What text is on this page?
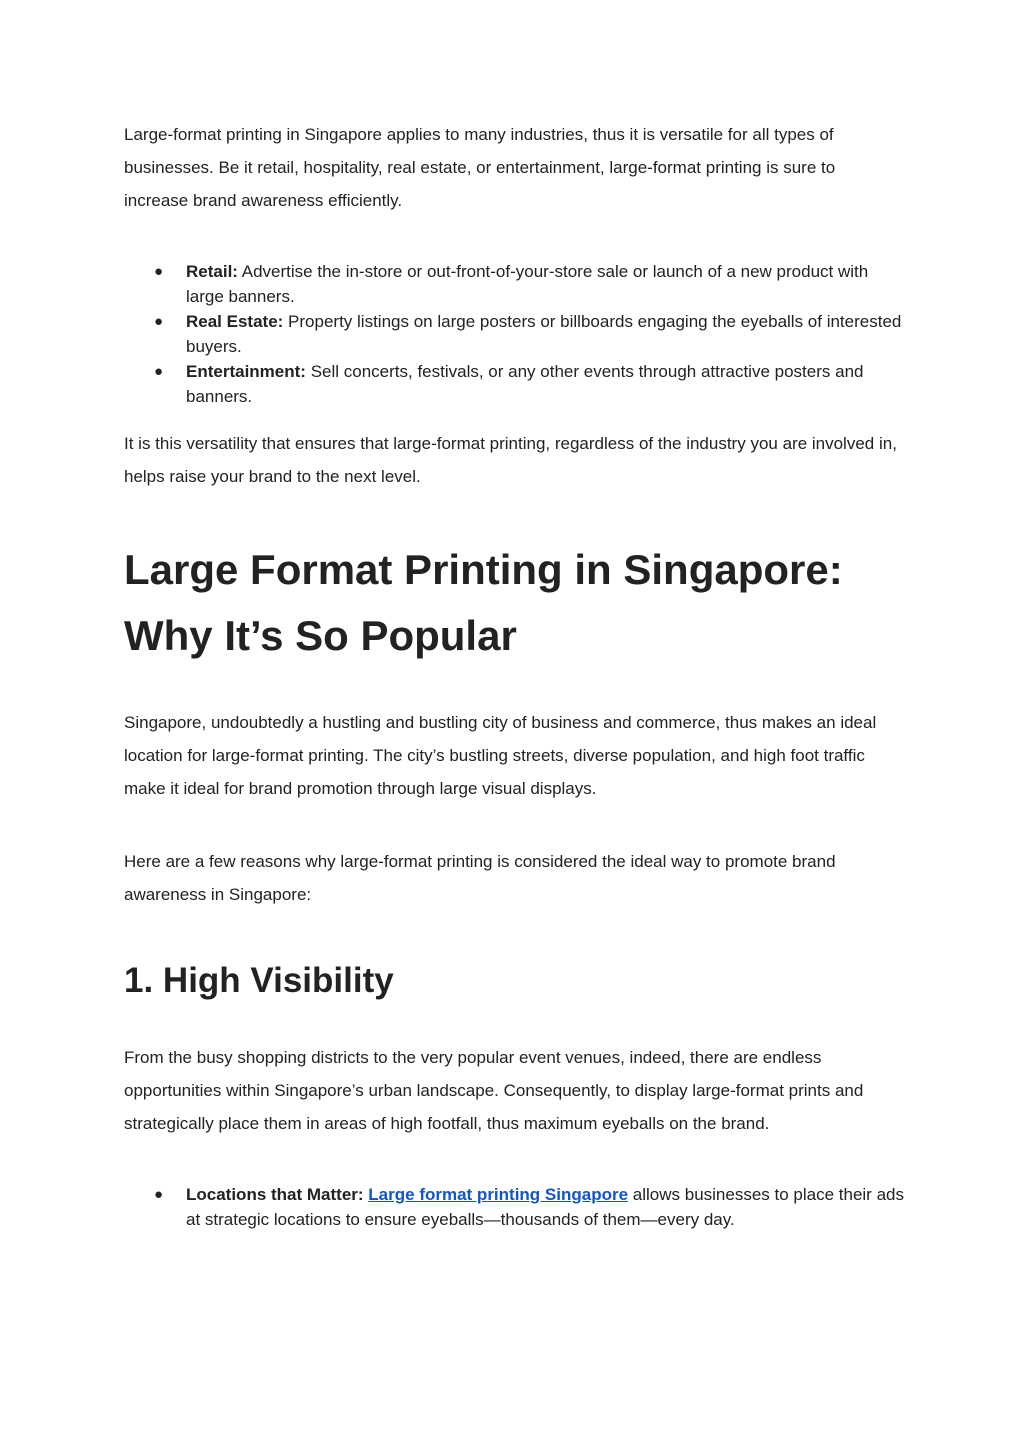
Large-format printing in Singapore applies to many industries, thus it is versatile for all types of businesses. Be it retail, hospitality, real estate, or entertainment, large-format printing is sure to increase brand awareness efficiently.

● Retail: Advertise the in-store or out-front-of-your-store sale or launch of a new product with large banners.
● Real Estate: Property listings on large posters or billboards engaging the eyeballs of interested buyers.
● Entertainment: Sell concerts, festivals, or any other events through attractive posters and banners.

It is this versatility that ensures that large-format printing, regardless of the industry you are involved in, helps raise your brand to the next level.

Large Format Printing in Singapore:
Why It’s So Popular

Singapore, undoubtedly a hustling and bustling city of business and commerce, thus makes an ideal location for large-format printing. The city’s bustling streets, diverse population, and high foot traffic make it ideal for brand promotion through large visual displays.

Here are a few reasons why large-format printing is considered the ideal way to promote brand awareness in Singapore:

1. High Visibility

From the busy shopping districts to the very popular event venues, indeed, there are endless opportunities within Singapore’s urban landscape. Consequently, to display large-format prints and strategically place them in areas of high footfall, thus maximum eyeballs on the brand.

● Locations that Matter: Large format printing Singapore allows businesses to place their ads at strategic locations to ensure eyeballs—thousands of them—every day.
